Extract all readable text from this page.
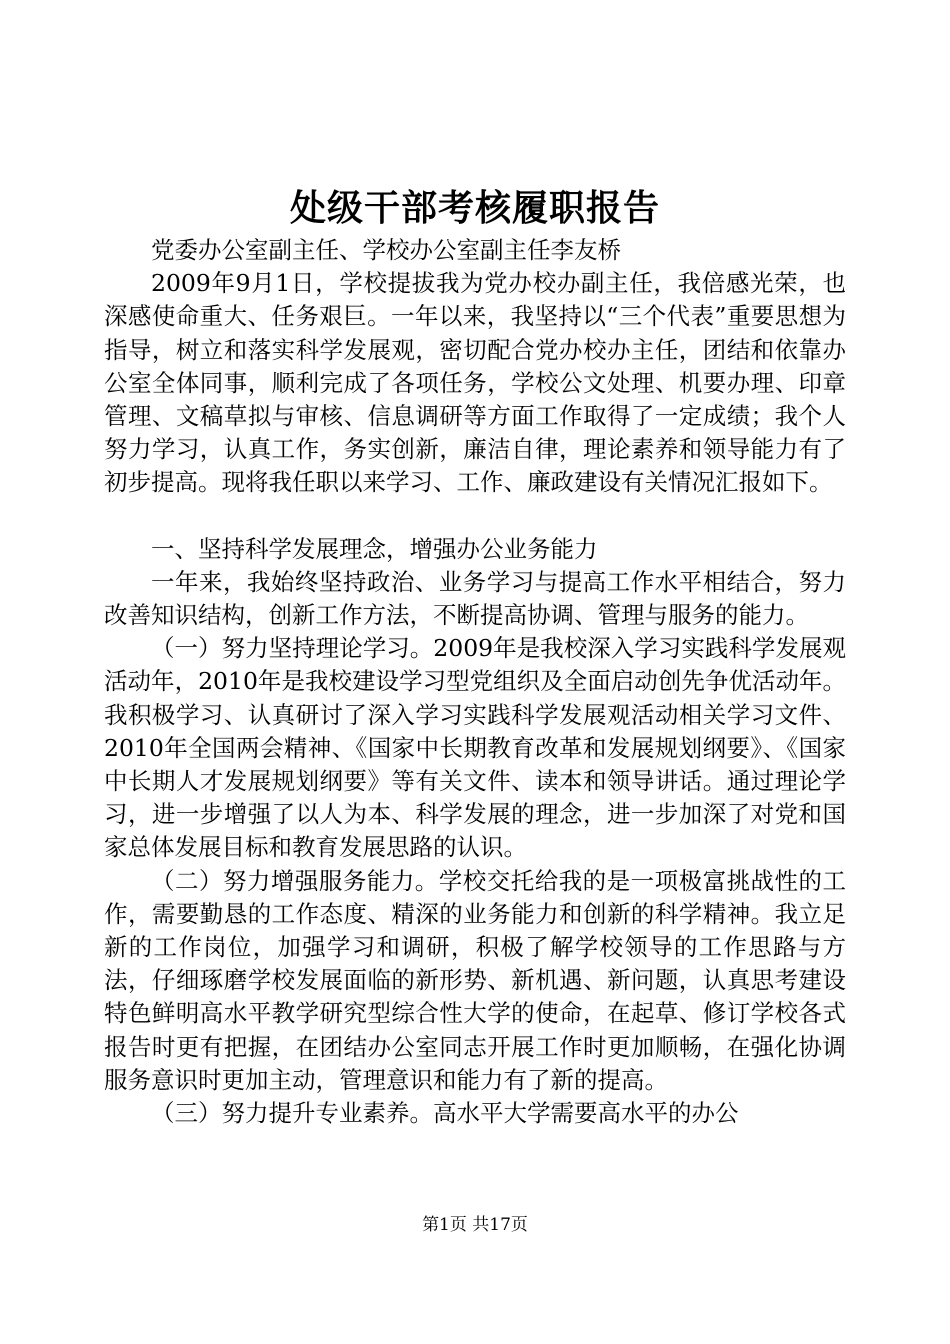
处级干部考核履职报告

党委办公室副主任、学校办公室副主任李友桥

2009年9月1日，学校提拔我为党办校办副主任，我倍感光荣，也深感使命重大、任务艰巨。一年以来，我坚持以“三个代表”重要思想为指导，树立和落实科学发展观，密切配合党办校办主任，团结和依靠办公室全体同事，顺利完成了各项任务，学校公文处理、机要办理、印章管理、文稿草拟与审核、信息调研等方面工作取得了一定成绩；我个人努力学习，认真工作，务实创新，廉洁自律，理论素养和领导能力有了初步提高。现将我任职以来学习、工作、廉政建设有关情况汇报如下。

一、坚持科学发展理念，增强办公业务能力

一年来，我始终坚持政治、业务学习与提高工作水平相结合，努力改善知识结构，创新工作方法，不断提高协调、管理与服务的能力。

（一）努力坚持理论学习。2009年是我校深入学习实践科学发展观活动年，2010年是我校建设学习型党组织及全面启动创先争优活动年。我积极学习、认真研讨了深入学习实践科学发展观活动相关学习文件、2010年全国两会精神、《国家中长期教育改革和发展规划纲要》、《国家中长期人才发展规划纲要》等有关文件、读本和领导讲话。通过理论学习，进一步增强了以人为本、科学发展的理念，进一步加深了对党和国家总体发展目标和教育发展思路的认识。

（二）努力增强服务能力。学校交托给我的是一项极富挑战性的工作，需要勤恳的工作态度、精深的业务能力和创新的科学精神。我立足新的工作岗位，加强学习和调研，积极了解学校领导的工作思路与方法，仔细琢磨学校发展面临的新形势、新机遇、新问题，认真思考建设特色鲜明高水平教学研究型综合性大学的使命，在起草、修订学校各式报告时更有把握，在团结办公室同志开展工作时更加顺畅，在强化协调服务意识时更加主动，管理意识和能力有了新的提高。

（三）努力提升专业素养。高水平大学需要高水平的办公

第1页 共17页
